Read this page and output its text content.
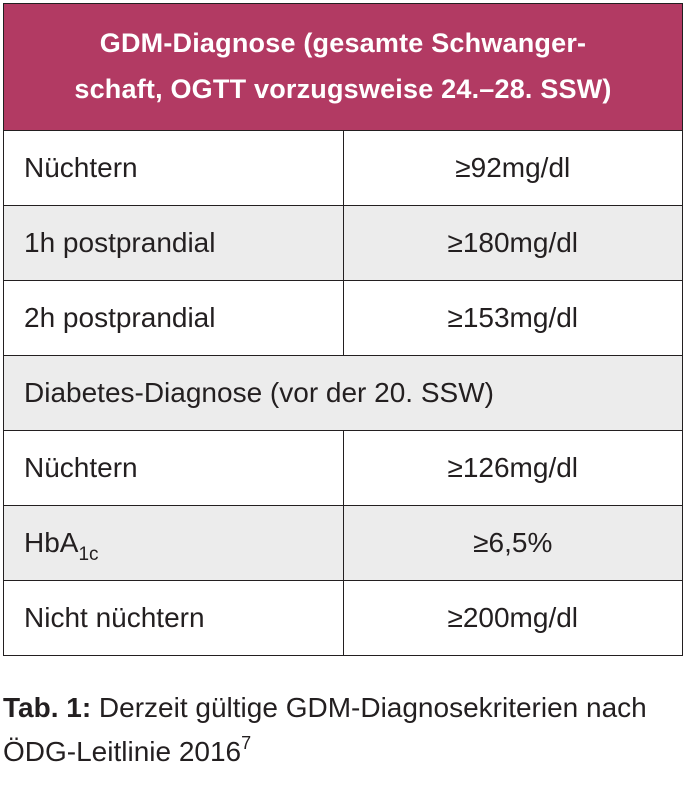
GDM-Diagnose (gesamte Schwanger-
schaft, OGTT vorzugsweise 24.–28. SSW)	

Nüchtern	≥92mg/dl
1h postprandial	≥180mg/dl
2h postprandial	≥153mg/dl
Diabetes-Diagnose (vor der 20. SSW)	
Nüchtern	≥126mg/dl
HbA$_{1c}$	≥6,5%
Nicht nüchtern	≥200mg/dl
Tab. 1: Derzeit gültige GDM-Diagnosekriterien nach ÖDG-Leitlinie 2016$^7$
